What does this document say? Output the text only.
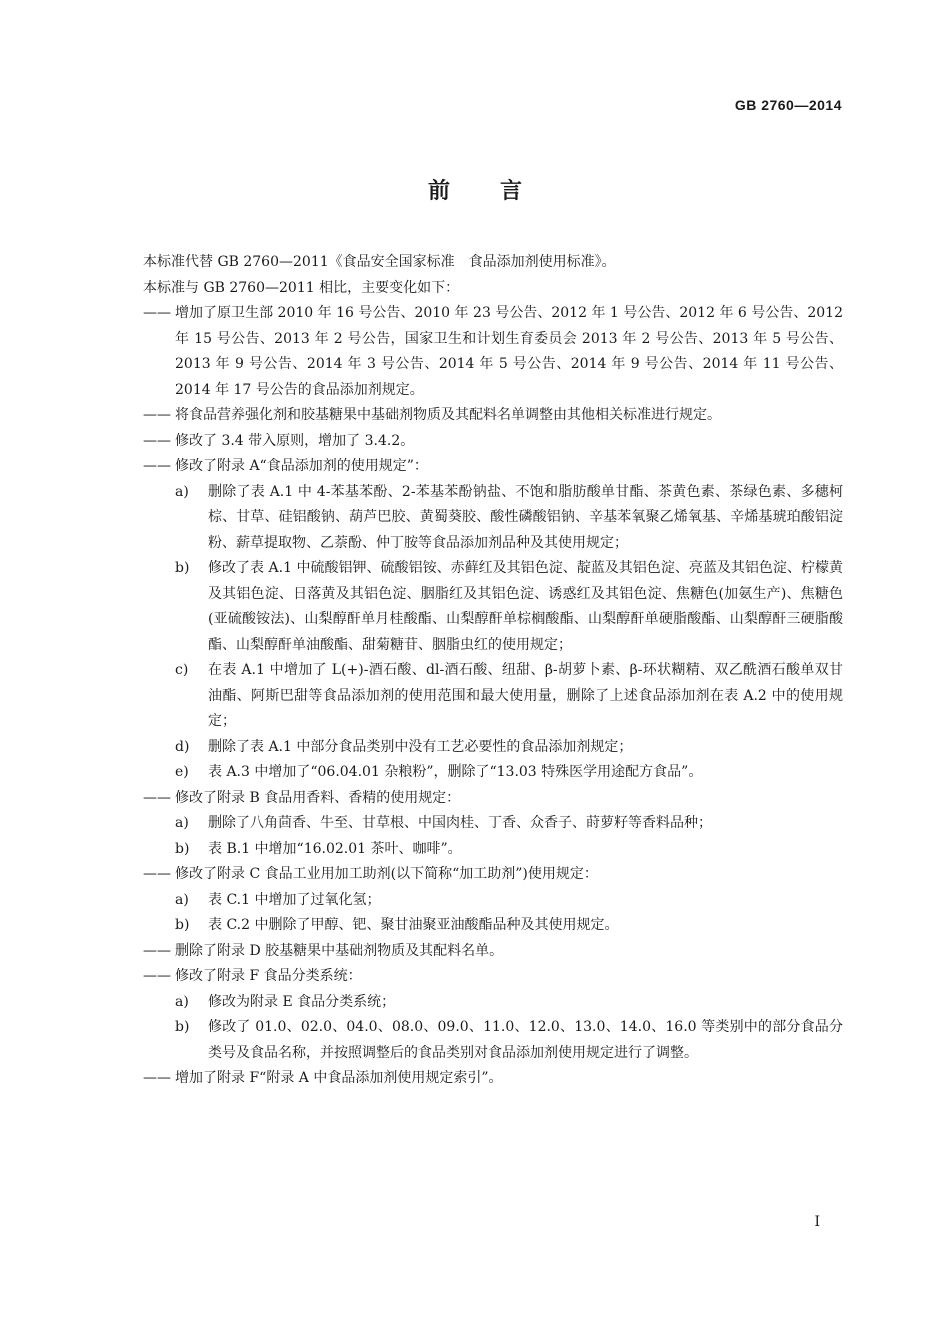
GB 2760—2014
前言
本标准代替 GB 2760—2011《食品安全国家标准　食品添加剂使用标准》。
本标准与 GB 2760—2011 相比，主要变化如下：
—— 增加了原卫生部 2010 年 16 号公告、2010 年 23 号公告、2012 年 1 号公告、2012 年 6 号公告、2012 年 15 号公告、2013 年 2 号公告，国家卫生和计划生育委员会 2013 年 2 号公告、2013 年 5 号公告、2013 年 9 号公告、2014 年 3 号公告、2014 年 5 号公告、2014 年 9 号公告、2014 年 11 号公告、2014 年 17 号公告的食品添加剂规定。
—— 将食品营养强化剂和胶基糖果中基础剂物质及其配料名单调整由其他相关标准进行规定。
—— 修改了 3.4 带入原则，增加了 3.4.2。
—— 修改了附录 A“食品添加剂的使用规定”：
a)	删除了表 A.1 中 4-苯基苯酚、2-苯基苯酚钠盐、不饱和脂肪酸单甘酯、茶黄色素、茶绿色素、多穗柯棕、甘草、硅铝酸钠、葫芦巴胶、黄蜀葵胶、酸性磷酸铝钠、辛基苯氧聚乙烯氧基、辛烯基琥珀酸铝淀粉、薪草提取物、乙萘酚、仲丁胺等食品添加剂品种及其使用规定；
b)	修改了表 A.1 中硫酸铝钾、硫酸铝铵、赤藓红及其铝色淀、靛蓝及其铝色淀、亮蓝及其铝色淀、柠檬黄及其铝色淀、日落黄及其铝色淀、胭脂红及其铝色淀、诱惑红及其铝色淀、焦糖色(加氨生产)、焦糖色(亚硫酸铵法)、山梨醇酐单月桂酸酯、山梨醇酐单棕榈酸酯、山梨醇酐单硬脂酸酯、山梨醇酐三硬脂酸酯、山梨醇酐单油酸酯、甜菊糖苷、胭脂虫红的使用规定；
c)	在表 A.1 中增加了 L(+)-酒石酸、dl-酒石酸、纽甜、β-胡萝卜素、β-环状糊精、双乙酰酒石酸单双甘油酯、阿斯巴甜等食品添加剂的使用范围和最大使用量，删除了上述食品添加剂在表 A.2 中的使用规定；
d)	删除了表 A.1 中部分食品类别中没有工艺必要性的食品添加剂规定；
e)	表 A.3 中增加了“06.04.01 杂粮粉”，删除了“13.03 特殊医学用途配方食品”。
—— 修改了附录 B 食品用香料、香精的使用规定：
a)	删除了八角茴香、牛至、甘草根、中国肉桂、丁香、众香子、莳萝籽等香料品种；
b)	表 B.1 中增加“16.02.01 茶叶、咖啡”。
—— 修改了附录 C 食品工业用加工助剂(以下简称“加工助剂”)使用规定：
a)	表 C.1 中增加了过氧化氢；
b)	表 C.2 中删除了甲醇、钯、聚甘油聚亚油酸酯品种及其使用规定。
—— 删除了附录 D 胶基糖果中基础剂物质及其配料名单。
—— 修改了附录 F 食品分类系统：
a)	修改为附录 E 食品分类系统；
b)	修改了 01.0、02.0、04.0、08.0、09.0、11.0、12.0、13.0、14.0、16.0 等类别中的部分食品分类号及食品名称，并按照调整后的食品类别对食品添加剂使用规定进行了调整。
—— 增加了附录 F“附录 A 中食品添加剂使用规定索引”。
I
